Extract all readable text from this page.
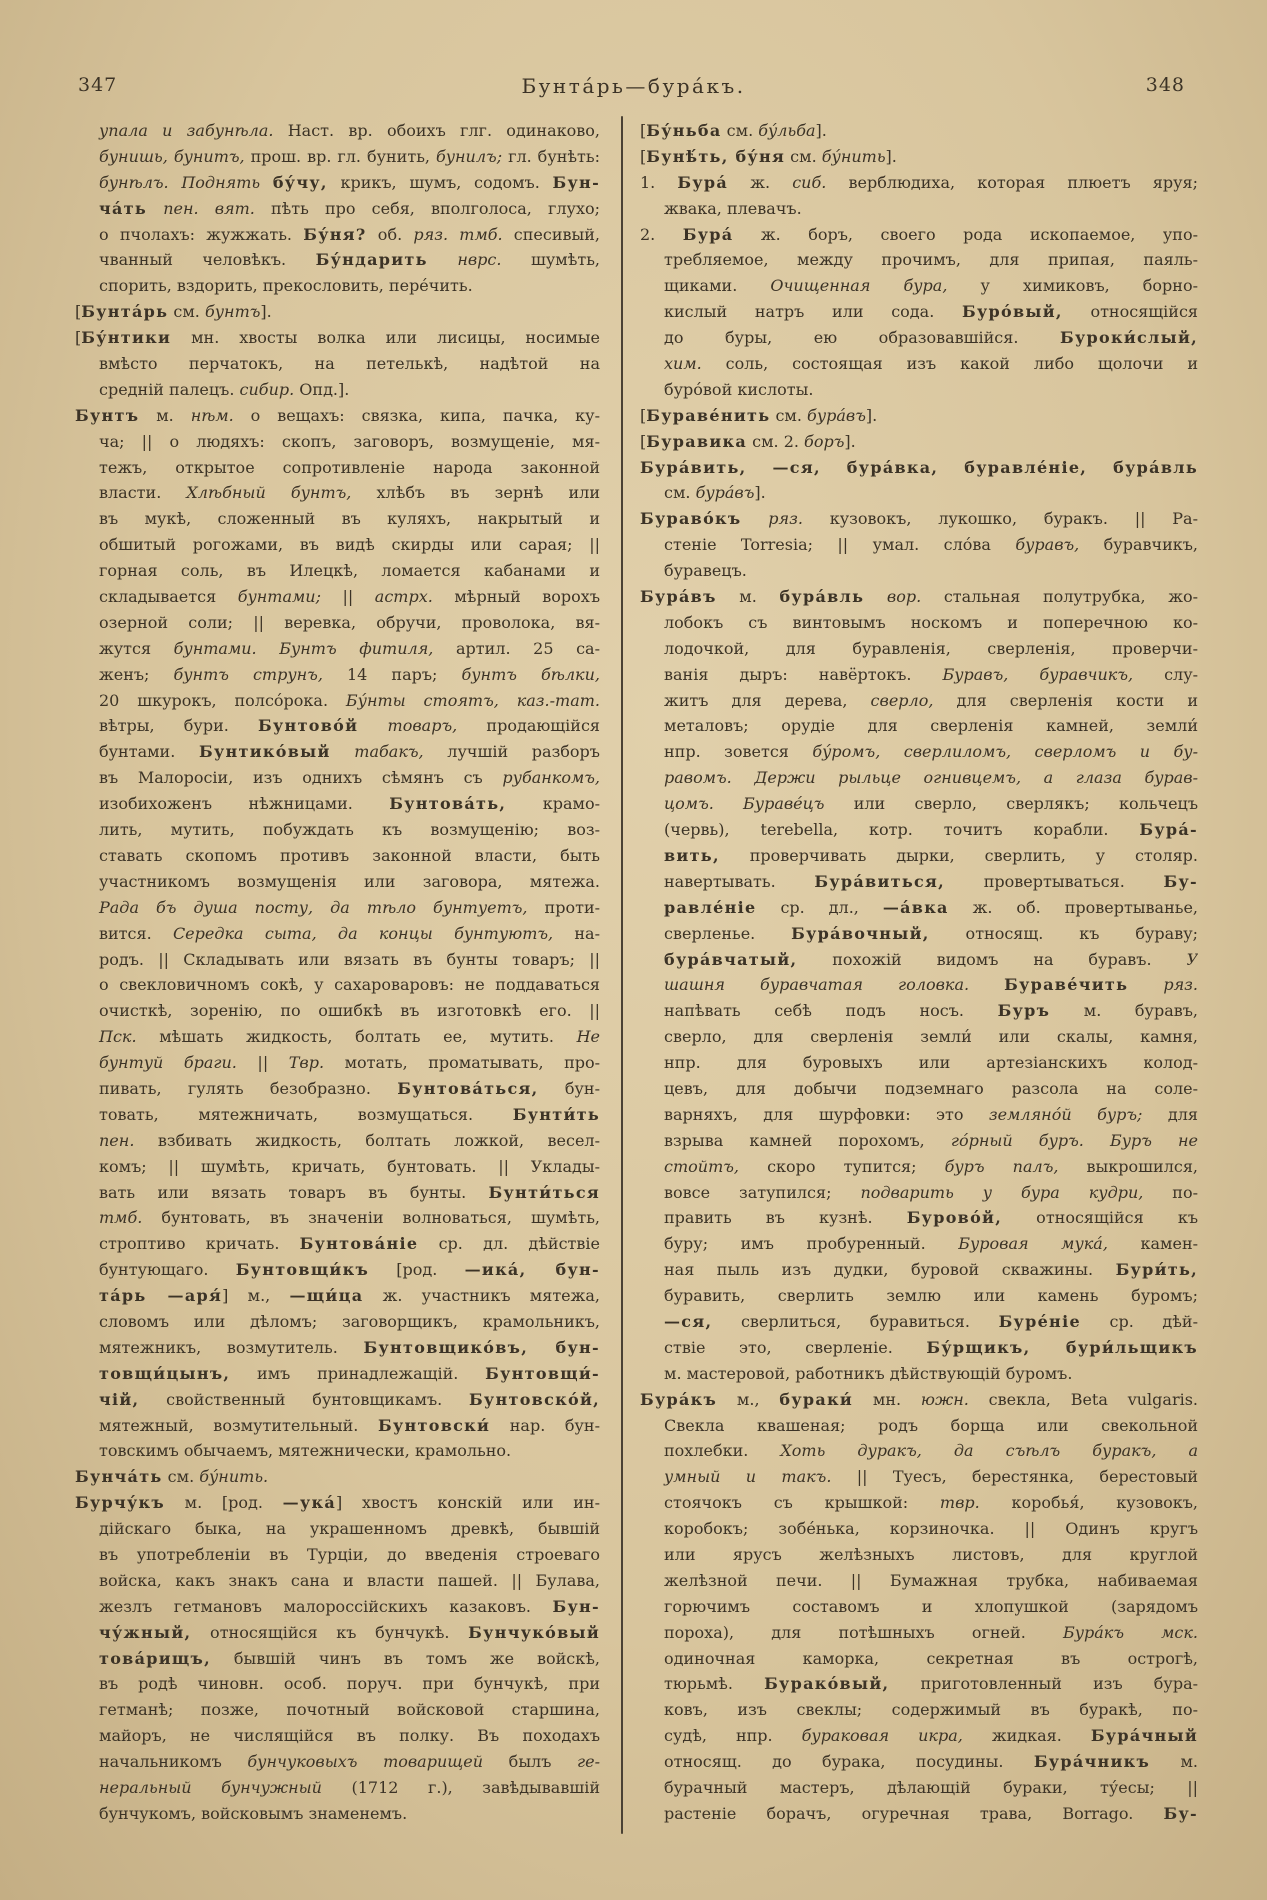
347	Бунтáрь—бурáкъ.	348
упала и забунѣла. Наст. вр. обоихъ глг. одинаково,
бунишь, бунитъ, прош. вр. гл. бунить, бунилъ; гл. бунѣть:
бунѣлъ. Поднять бу́чу, крикъ, шумъ, содомъ. Бун-
чáть пен. вят. пѣть про себя, вполголоса, глухо;
о пчолахъ: жужжать. Бу́ня? об. ряз. тмб. спесивый,
чванный человѣкъ. Бу́ндарить нврс. шумѣть,
спорить, вздорить, прекословить, перéчить.
[Бунтáрь см. бунтъ].
[Бу́нтики мн. хвосты волка или лисицы, носимые
вмѣсто перчатокъ, на петелькѣ, надѣтой на
средній палецъ. сибир. Опд.].
Бунтъ м. нѣм. о вещахъ: связка, кипа, пачка, ку-
ча; || о людяхъ: скопъ, заговоръ, возмущеніе, мя-
тежъ, открытое сопротивленіе народа законной
власти. Хлѣбный бунтъ, хлѣбъ въ зернѣ или
въ мукѣ, сложенный въ куляхъ, накрытый и
обшитый рогожами, въ видѣ скирды или сарая; ||
горная соль, въ Илецкѣ, ломается кабанами и
складывается бунтами; || астрх. мѣрный ворохъ
озерной соли; || веревка, обручи, проволока, вя-
жутся бунтами. Бунтъ фитиля, артил. 25 са-
женъ; бунтъ струнъ, 14 паръ; бунтъ бѣлки,
20 шкурокъ, полсóрока. Бу́нты стоятъ, каз.-тат.
вѣтры, бури. Бунтовóй товаръ, продающійся
бунтами. Бунтикóвый табакъ, лучшій разборъ
въ Малоросіи, изъ однихъ сѣмянъ съ рубанкомъ,
изобихоженъ нѣжницами. Бунтовáть, крамо-
лить, мутить, побуждать къ возмущенію; воз-
ставать скопомъ противъ законной власти, быть
участникомъ возмущенія или заговора, мятежа.
Рада бъ душа посту, да тѣло бунтуетъ, проти-
вится. Середка сыта, да концы бунтуютъ, на-
родъ. || Складывать или вязать въ бунты товаръ; ||
о свекловичномъ сокѣ, у сахароваровъ: не поддаваться
очисткѣ, зоренію, по ошибкѣ въ изготовкѣ его. ||
Пск. мѣшать жидкость, болтать ее, мутить. Не
бунтуй браги. || Твр. мотать, проматывать, про-
пивать, гулять безобразно. Бунтовáться, бун-
товать, мятежничать, возмущаться. Бунти́ть
пен. взбивать жидкость, болтать ложкой, весел-
комъ; || шумѣть, кричать, бунтовать. || Уклады-
вать или вязать товаръ въ бунты. Бунти́ться
тмб. бунтовать, въ значеніи волноваться, шумѣть,
строптиво кричать. Бунтовáніе ср. дл. дѣйствіе
бунтующаго. Бунтовщи́къ [род. —икá, бун-
тáрь —аря́] м., —щи́ца ж. участникъ мятежа,
словомъ или дѣломъ; заговорщикъ, крамольникъ,
мятежникъ, возмутитель. Бунтовщикóвъ, бун-
товщи́цынъ, имъ принадлежащій. Бунтовщи́-
чій, свойственный бунтовщикамъ. Бунтовскóй,
мятежный, возмутительный. Бунтовски́ нар. бун-
товскимъ обычаемъ, мятежнически, крамольно.
Бунчáть см. бу́нить.
Бурчу́къ м. [род. —укá] хвостъ конскій или ин-
дійскаго быка, на украшенномъ древкѣ, бывшій
въ употребленіи въ Турціи, до введенія строеваго
войска, какъ знакъ сана и власти пашей. || Булава,
жезлъ гетмановъ малороссійскихъ казаковъ. Бун-
чу́жный, относящійся къ бунчукѣ. Бунчукóвый
товáрищъ, бывшій чинъ въ томъ же войскѣ,
въ родѣ чиновн. особ. поруч. при бунчукѣ, при
гетманѣ; позже, почотный войсковой старшина,
майоръ, не числящійся въ полку. Въ походахъ
начальникомъ бунчуковыхъ товарищей былъ ге-
неральный бунчужный (1712 г.), завѣдывавшій
бунчукомъ, войсковымъ знаменемъ.
[Бу́ньба см. бу́льба].
[Бунѣ́ть, бу́ня см. бу́нить].
1. Бурá ж. сиб. верблюдиха, которая плюетъ яруя;
жвака, плевачъ.
2. Бурá ж. боръ, своего рода ископаемое, упо-
требляемое, между прочимъ, для припая, паяль-
щиками. Очищенная бура, у химиковъ, борно-
кислый натръ или сода. Бурóвый, относящійся
до буры, ею образовавшійся. Буроки́слый,
хим. соль, состоящая изъ какой либо щолочи и
бурóвой кислоты.
[Буравéнить см. бурáвъ].
[Буравика см. 2. боръ].
Бурáвить, —ся, бурáвка, буравлéніе, бурáвль
см. бурáвъ].
Буравóкъ ряз. кузовокъ, лукошко, буракъ. || Ра-
стеніе Torresia; || умал. слóва буравъ, буравчикъ,
буравецъ.
Бурáвъ м. бурáвль вор. стальная полутрубка, жо-
лобокъ съ винтовымъ носкомъ и поперечною ко-
лодочкой, для буравленія, сверленія, проверчи-
ванія дыръ: навёртокъ. Буравъ, буравчикъ, слу-
житъ для дерева, сверло, для сверленія кости и
металовъ; орудіе для сверленія камней, земли́
нпр. зовется бу́ромъ, сверлиломъ, сверломъ и бу-
равомъ. Держи рыльце огнивцемъ, а глаза бурав-
цомъ. Буравéцъ или сверло, сверлякъ; кольчецъ
(червь), terebella, котр. точитъ корабли. Бурá-
вить, проверчивать дырки, сверлить, у столяр.
навертывать. Бурáвиться, провертываться. Бу-
равлéніе ср. дл., —áвка ж. об. провертыванье,
сверленье. Бурáвочный, относящ. къ бураву;
бурáвчатый, похожій видомъ на буравъ. У
шашня буравчатая головка. Буравéчить ряз.
напѣвать себѣ подъ носъ. Буръ м. буравъ,
сверло, для сверленія земли́ или скалы, камня,
нпр. для буровыхъ или артезіанскихъ колод-
цевъ, для добычи подземнаго разсола на соле-
варняхъ, для шурфовки: это землянóй буръ; для
взрыва камней порохомъ, гóрный буръ. Буръ не
стойтъ, скоро тупится; буръ палъ, выкрошился,
вовсе затупился; подварить у бура кудри, по-
править въ кузнѣ. Буровóй, относящійся къ
буру; имъ пробуренный. Буровая мукá, камен-
ная пыль изъ дудки, буровой скважины. Бури́ть,
буравить, сверлить землю или камень буромъ;
—ся, сверлиться, буравиться. Бурéніе ср. дѣй-
ствіе это, сверленіе. Бу́рщикъ, бури́льщикъ
м. мастеровой, работникъ дѣйствующій буромъ.
Бурáкъ м., бураки́ мн. южн. свекла, Beta vulgaris.
Свекла квашеная; родъ борща или свекольной
похлебки. Хоть дуракъ, да съѣлъ буракъ, а
умный и такъ. || Туесъ, берестянка, берестовый
стоячокъ съ крышкой: твр. коробья́, кузовокъ,
коробокъ; зобéнька, корзиночка. || Одинъ кругъ
или ярусъ желѣзныхъ листовъ, для круглой
желѣзной печи. || Бумажная трубка, набиваемая
горючимъ составомъ и хлопушкой (зарядомъ
пороха), для потѣшныхъ огней. Бурáкъ мск.
одиночная каморка, секретная въ острогѣ,
тюрьмѣ. Буракóвый, приготовленный изъ бура-
ковъ, изъ свеклы; содержимый въ буракѣ, по-
судѣ, нпр. бураковая икра, жидкая. Бурáчный
относящ. до бурака, посудины. Бурáчникъ м.
бурачный мастеръ, дѣлающій бураки, ту́есы; ||
растеніе борачъ, огуречная трава, Borrago. Бу-
